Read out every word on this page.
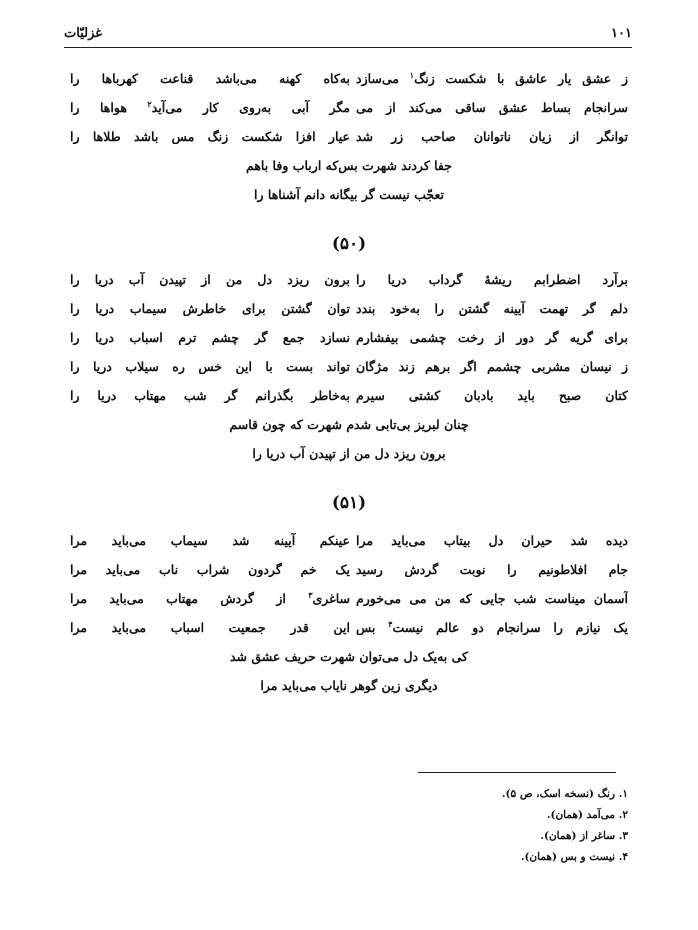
۱۰۱
غزلیّات
ز عشق یار عاشق با شکست زنگ$^۱$ می‌سازد
به‌کاه کهنه می‌باشد قناعت کهرباها را
سرانجام بساط عشق ساقی می‌کند از می
مگر آبی به‌روی کار می‌آید$^۲$ هواها را
توانگر از زیان ناتوانان صاحب زر شد
عیار افزا شکست زنگ مس باشد طلاها را
جفا کردند شهرت بس‌که ارباب وفا باهم
تعجّب نیست گر بیگانه دانم آشناها را
(۵۰)
برآرد اضطرابم ریشهٔ گرداب دریا را
برون ریزد دل من از تپیدن آب دریا را
دلم گر تهمت آیینه گشتن را به‌خود بندد
توان گشتن برای خاطرش سیماب دریا را
برای گریه گر دور از رخت چشمی بیفشارم
نسازد جمع گر چشم ترم اسباب دریا را
ز نیسان مشربی چشمم اگر برهم زند مژگان
تواند بست با این خس ره سیلاب دریا را
کتان صبح باید بادبان کشتی سیرم
به‌خاطر بگذرانم گر شب مهتاب دریا را
چنان لبریز بی‌تابی شدم شهرت که چون قاسم
برون ریزد دل من از تپیدن آب دریا را
(۵۱)
دیده شد حیران دل بیتاب می‌باید مرا
عینکم آیینه شد سیماب می‌باید مرا
جام افلاطونیم را نوبت گردش رسید
یک خم گردون شراب ناب می‌باید مرا
آسمان میناست شب جایی که من می می‌خورم
ساغری$^۳$ از گردش مهتاب می‌باید مرا
یک نیازم را سرانجام دو عالم نیست$^۴$ بس
این قدر جمعیت اسباب می‌باید مرا
کی به‌یک دل می‌توان شهرت حریف عشق شد
دیگری زین گوهر نایاب می‌باید مرا
۱. رنگ (نسخه اسک، ص ۵).
۲. می‌آمد (همان).
۳. ساغر از (همان).
۴. نیست و بس (همان).
